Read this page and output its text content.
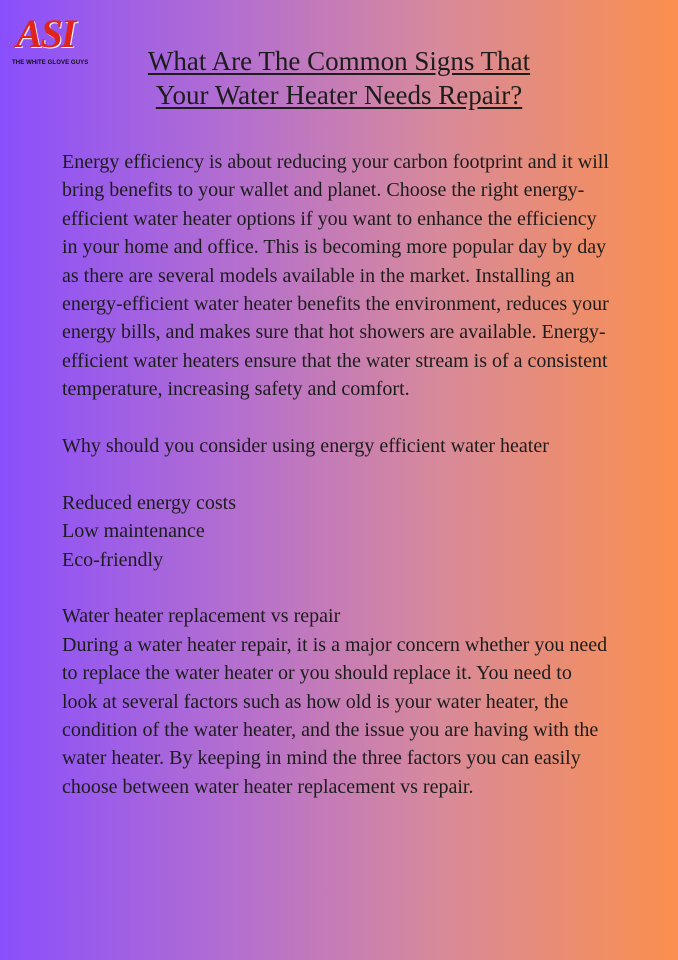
ASI
THE WHITE GLOVE GUYS	What Are The Common Signs That
Your Water Heater Needs Repair?

Energy efficiency is about reducing your carbon footprint and it will bring benefits to your wallet and planet. Choose the right energy-efficient water heater options if you want to enhance the efficiency in your home and office. This is becoming more popular day by day as there are several models available in the market. Installing an energy-efficient water heater benefits the environment, reduces your energy bills, and makes sure that hot showers are available. Energy-efficient water heaters ensure that the water stream is of a consistent temperature, increasing safety and comfort.

Why should you consider using energy efficient water heater

Reduced energy costs

Low maintenance

Eco-friendly

Water heater replacement vs repair

During a water heater repair, it is a major concern whether you need to replace the water heater or you should replace it. You need to look at several factors such as how old is your water heater, the condition of the water heater, and the issue you are having with the water heater. By keeping in mind the three factors you can easily choose between water heater replacement vs repair.
